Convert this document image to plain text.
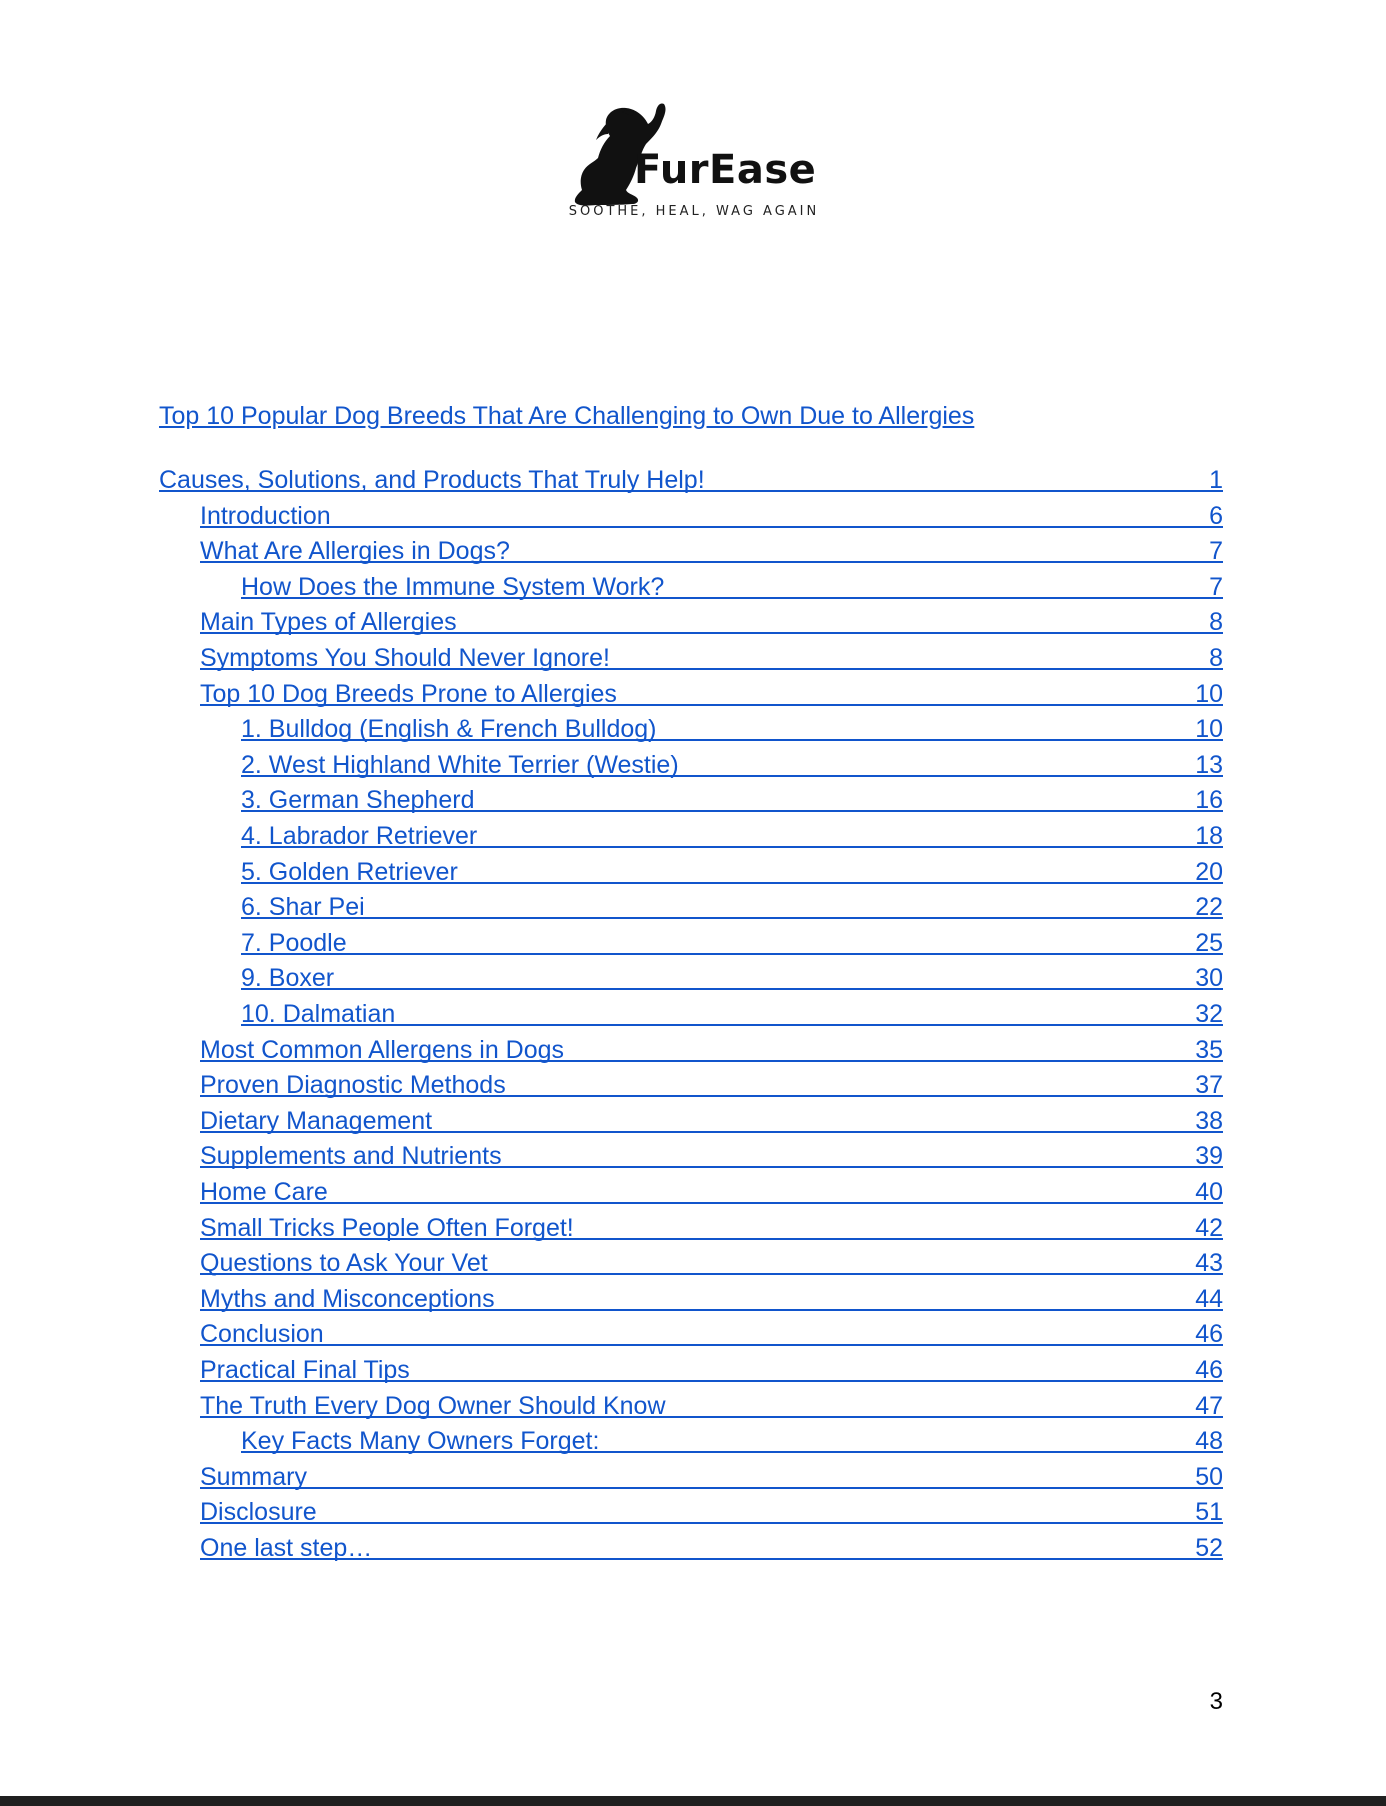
FurEase
SOOTHE, HEAL, WAG AGAIN
Top 10 Popular Dog Breeds That Are Challenging to Own Due to Allergies
Causes, Solutions, and Products That Truly Help!	1
Introduction	6
What Are Allergies in Dogs?	7
How Does the Immune System Work?	7
Main Types of Allergies	8
Symptoms You Should Never Ignore!	8
Top 10 Dog Breeds Prone to Allergies	10
1. Bulldog (English & French Bulldog)	10
2. West Highland White Terrier (Westie)	13
3. German Shepherd	16
4. Labrador Retriever	18
5. Golden Retriever	20
6. Shar Pei	22
7. Poodle	25
9. Boxer	30
10. Dalmatian	32
Most Common Allergens in Dogs	35
Proven Diagnostic Methods	37
Dietary Management	38
Supplements and Nutrients	39
Home Care	40
Small Tricks People Often Forget!	42
Questions to Ask Your Vet	43
Myths and Misconceptions	44
Conclusion	46
Practical Final Tips	46
The Truth Every Dog Owner Should Know	47
Key Facts Many Owners Forget:	48
Summary	50
Disclosure	51
One last step…	52
3
